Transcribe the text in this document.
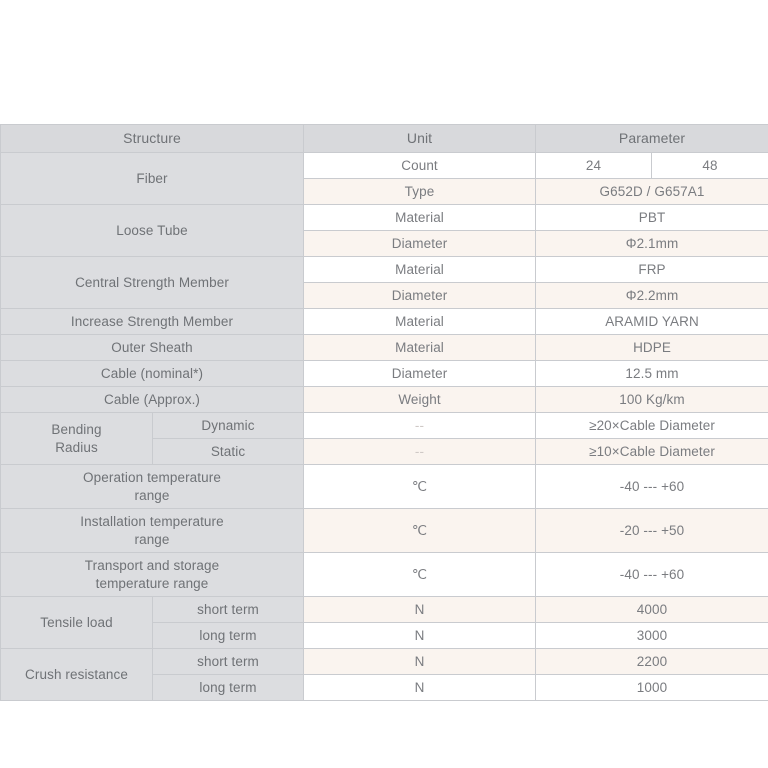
Structure		Unit	Parameter	
Fiber		Count	24	48
		Type	G652D / G657A1	
Loose Tube		Material	PBT	
		Diameter	Φ2.1mm	
Central Strength Member		Material	FRP	
		Diameter	Φ2.2mm	
Increase Strength Member		Material	ARAMID YARN	
Outer Sheath		Material	HDPE	
Cable (nominal*)		Diameter	12.5 mm	
Cable (Approx.)		Weight	100 Kg/km	
Bending
Radius	Dynamic	--	≥20×Cable Diameter	
	Static	--	≥10×Cable Diameter	
Operation temperature
range		℃	-40 --- +60	
Installation temperature
range		℃	-20 --- +50	
Transport and storage
temperature range		℃	-40 --- +60	
Tensile load	short term	N	4000	
	long term	N	3000	
Crush resistance	short term	N	2200	
	long term	N	1000	
